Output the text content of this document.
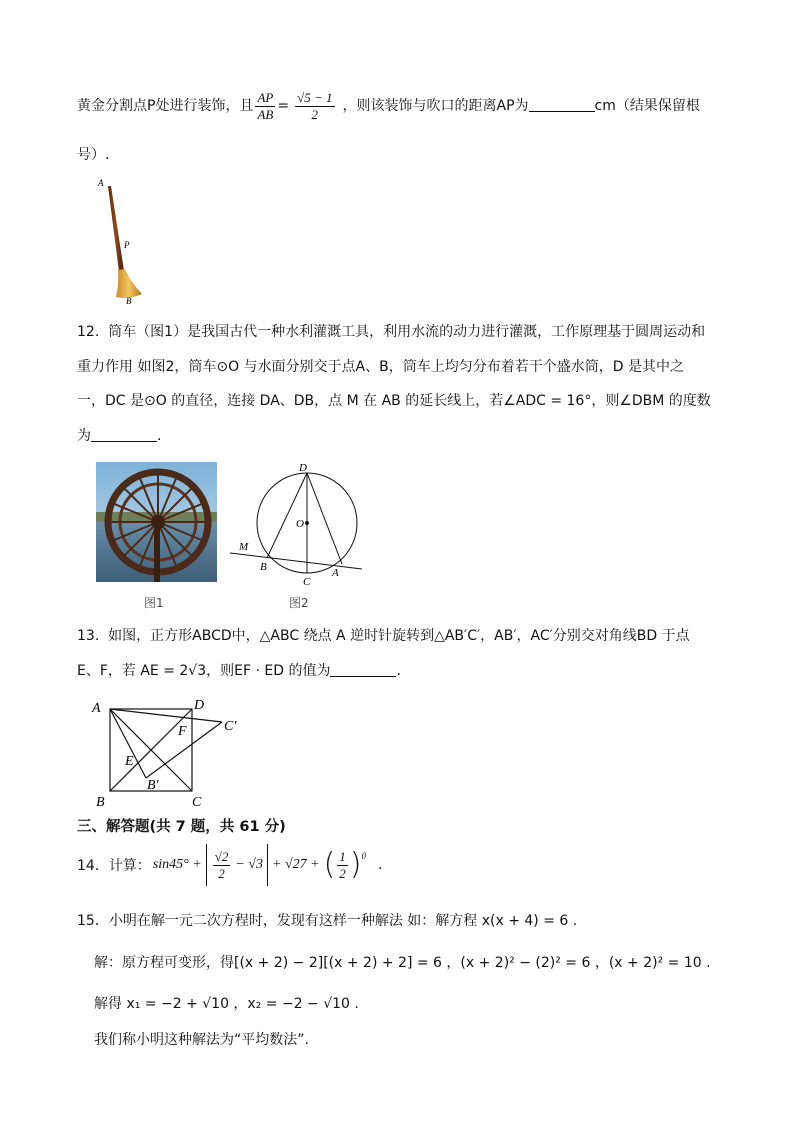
黄金分割点P处进行装饰，且 $\frac{AP}{AB} = \frac{√5 - 1}{2}$ ，则该装饰与吹口的距离AP为	cm（结果保留根
号）.
A
P
B
12. 筒车（图1）是我国古代一种水利灌溉工具，利用水流的动力进行灌溉，工作原理基于圆周运动和
重力作用 如图2，筒车⊙O 与水面分别交于点A、B，筒车上均匀分布着若干个盛水筒，D 是其中之
一，DC 是⊙O 的直径，连接 DA、DB，点 M 在 AB 的延长线上，若∠ADC = 16°，则∠DBM 的度数
为	.
图1
D
O
M
B
C
A
图2
13. 如图，正方形ABCD中，△ABC 绕点 A 逆时针旋转到△AB′C′，AB′，AC′分别交对角线BD 于点
E、F，若 AE = 2√3，则EF · ED 的值为	.
A	D
F	C′
E
B′
B	C
三、解答题(共 7 题，共 61 分)
14．计算： $\sin 45^\circ + \frac{√2}{2} - √3 + √27$ + ( $\frac{1}{2} )^0$
.
15．小明在解一元二次方程时，发现有这样一种解法 如：解方程 x(x + 4) = 6 .
解：原方程可变形，得[(x + 2) − 2][(x + 2) + 2] = 6 ，(x + 2)² − (2)² = 6 ，(x + 2)² = 10 .
解得 x₁ = −2 + √10 ，x₂ = −2 − √10 .
我们称小明这种解法为“平均数法”.
